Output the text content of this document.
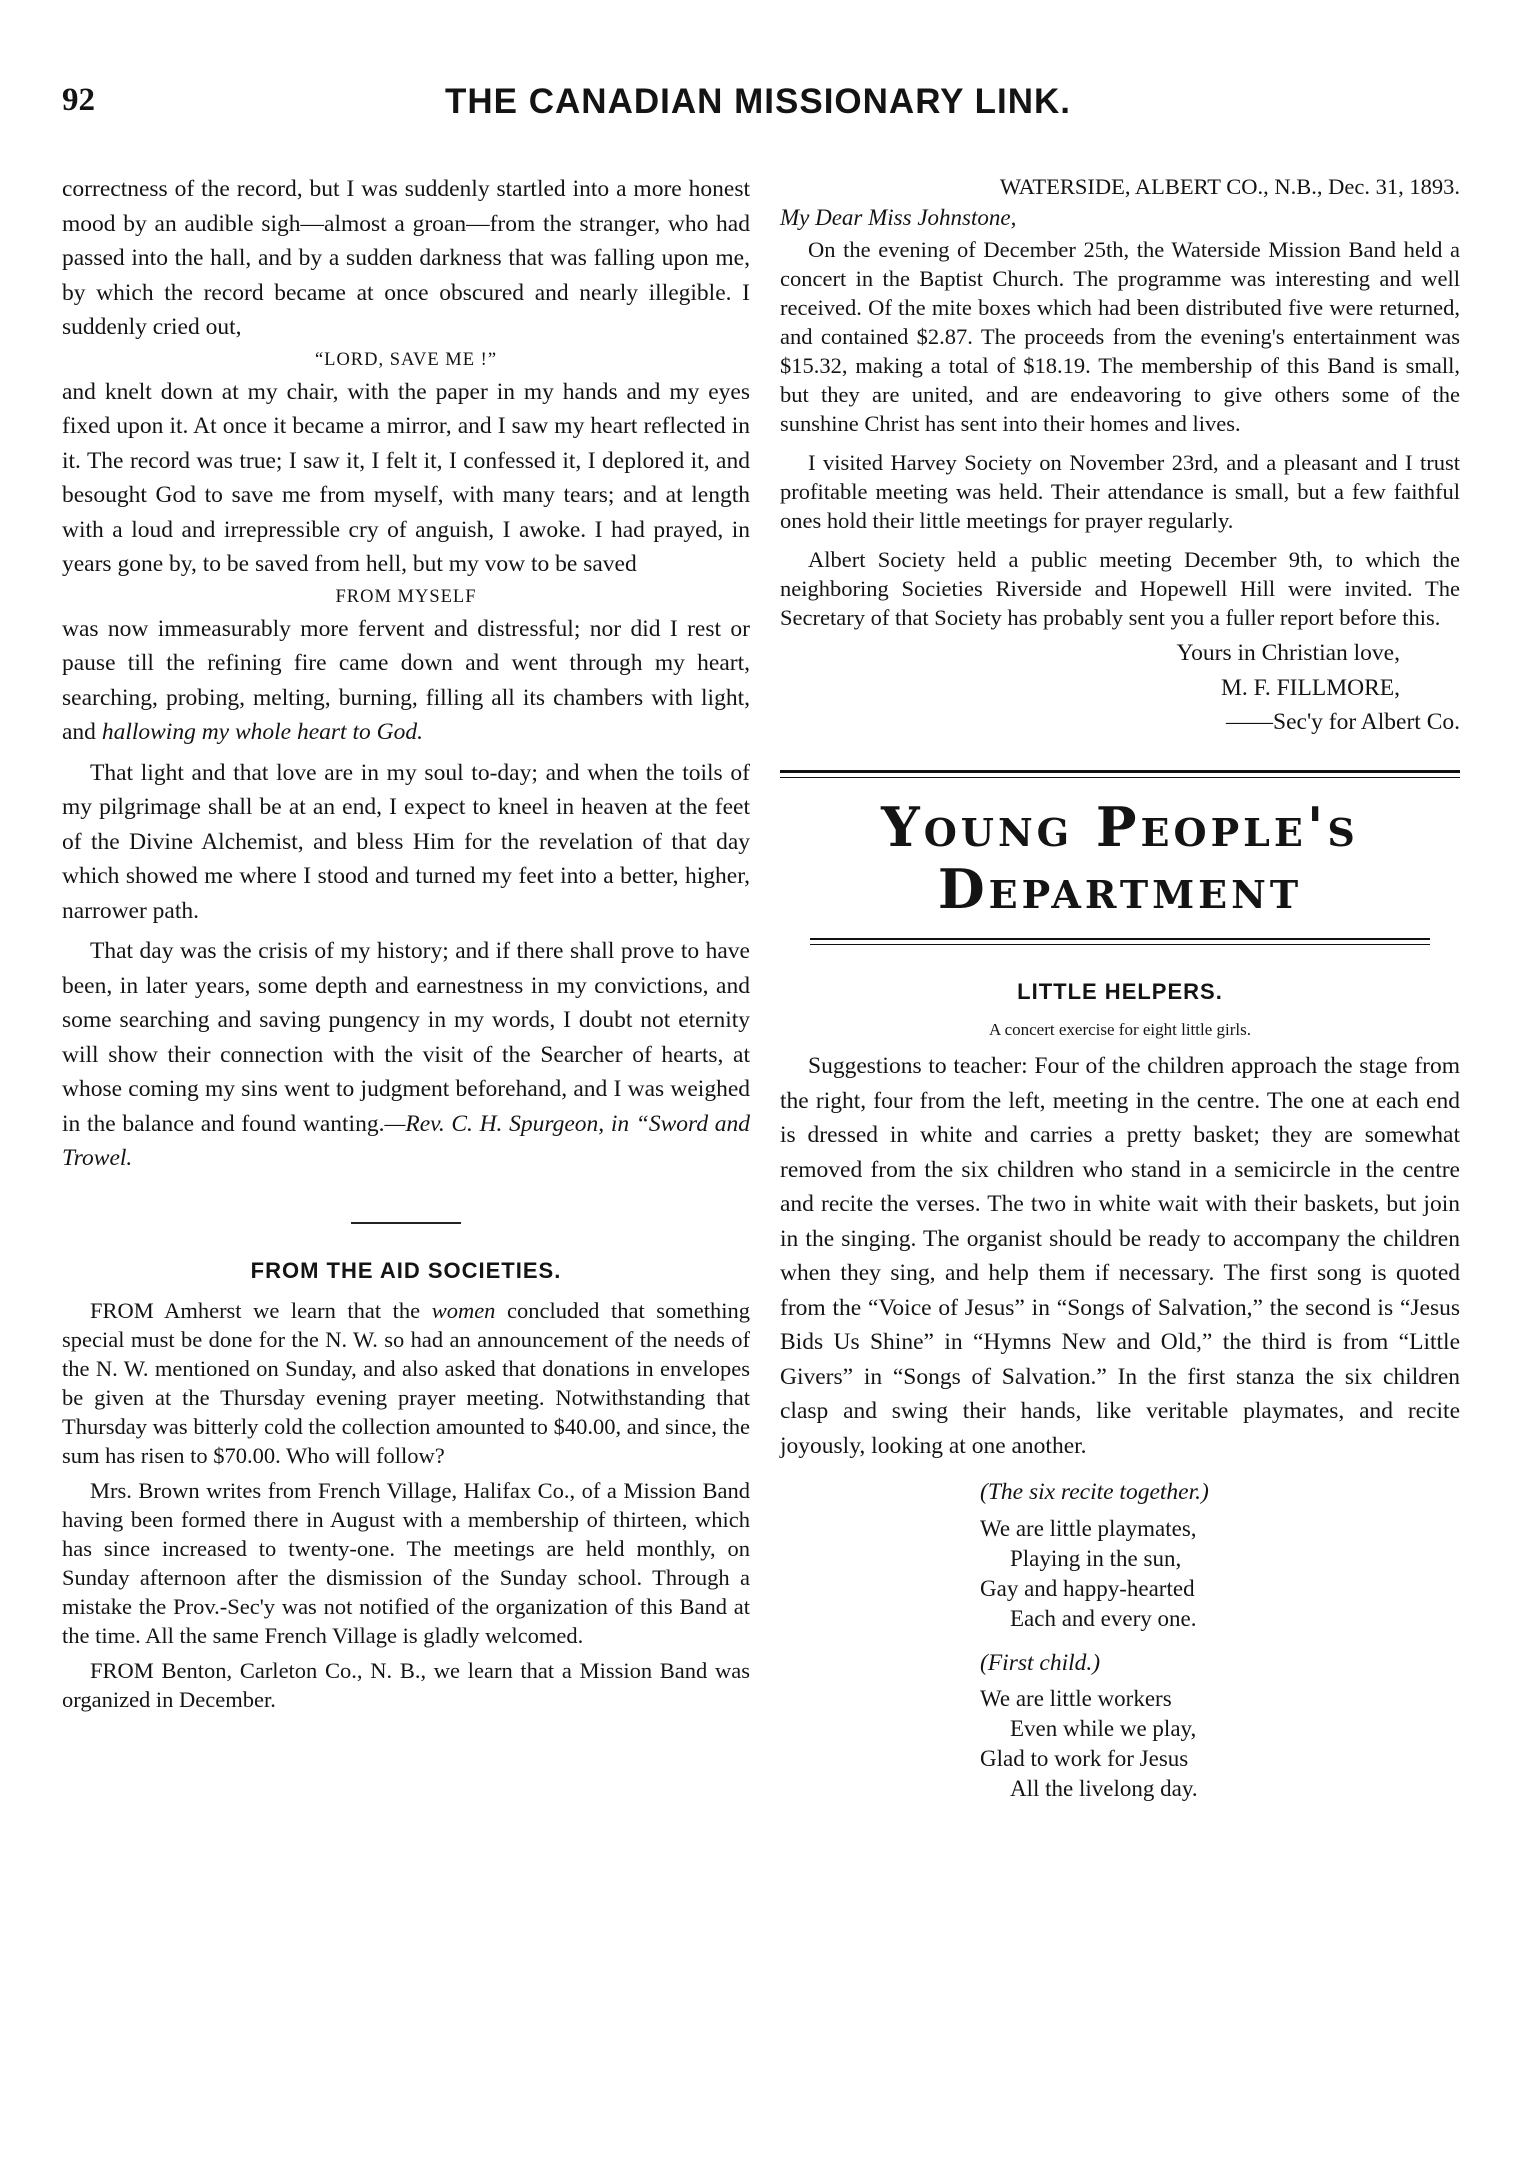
92	THE CANADIAN MISSIONARY LINK.

correctness of the record, but I was suddenly startled into a more honest mood by an audible sigh—almost a groan—from the stranger, who had passed into the hall, and by a sudden darkness that was falling upon me, by which the record became at once obscured and nearly illegible. I suddenly cried out,

“LORD, SAVE ME !”

and knelt down at my chair, with the paper in my hands and my eyes fixed upon it. At once it became a mirror, and I saw my heart reflected in it. The record was true; I saw it, I felt it, I confessed it, I deplored it, and besought God to save me from myself, with many tears; and at length with a loud and irrepressible cry of anguish, I awoke. I had prayed, in years gone by, to be saved from hell, but my vow to be saved

FROM MYSELF

was now immeasurably more fervent and distressful; nor did I rest or pause till the refining fire came down and went through my heart, searching, probing, melting, burning, filling all its chambers with light, and hallowing my whole heart to God.

That light and that love are in my soul to-day; and when the toils of my pilgrimage shall be at an end, I expect to kneel in heaven at the feet of the Divine Alchemist, and bless Him for the revelation of that day which showed me where I stood and turned my feet into a better, higher, narrower path.

That day was the crisis of my history; and if there shall prove to have been, in later years, some depth and earnestness in my convictions, and some searching and saving pungency in my words, I doubt not eternity will show their connection with the visit of the Searcher of hearts, at whose coming my sins went to judgment beforehand, and I was weighed in the balance and found wanting.—Rev. C. H. Spurgeon, in “Sword and Trowel.

FROM THE AID SOCIETIES.

FROM Amherst we learn that the women concluded that something special must be done for the N. W. so had an announcement of the needs of the N. W. mentioned on Sunday, and also asked that donations in envelopes be given at the Thursday evening prayer meeting. Notwithstanding that Thursday was bitterly cold the collection amounted to $40.00, and since, the sum has risen to $70.00. Who will follow?

Mrs. Brown writes from French Village, Halifax Co., of a Mission Band having been formed there in August with a membership of thirteen, which has since increased to twenty-one. The meetings are held monthly, on Sunday afternoon after the dismission of the Sunday school. Through a mistake the Prov.-Sec'y was not notified of the organization of this Band at the time. All the same French Village is gladly welcomed.

FROM Benton, Carleton Co., N. B., we learn that a Mission Band was organized in December.

WATERSIDE, ALBERT CO., N.B., Dec. 31, 1893.

My Dear Miss Johnstone,

On the evening of December 25th, the Waterside Mission Band held a concert in the Baptist Church. The programme was interesting and well received. Of the mite boxes which had been distributed five were returned, and contained $2.87. The proceeds from the evening's entertainment was $15.32, making a total of $18.19. The membership of this Band is small, but they are united, and are endeavoring to give others some of the sunshine Christ has sent into their homes and lives.

I visited Harvey Society on November 23rd, and a pleasant and I trust profitable meeting was held. Their attendance is small, but a few faithful ones hold their little meetings for prayer regularly.

Albert Society held a public meeting December 9th, to which the neighboring Societies Riverside and Hopewell Hill were invited. The Secretary of that Society has probably sent you a fuller report before this.

Yours in Christian love,

M. F. FILLMORE,

——Sec'y for Albert Co.

Young People's Department
LITTLE HELPERS.

A concert exercise for eight little girls.

Suggestions to teacher: Four of the children approach the stage from the right, four from the left, meeting in the centre. The one at each end is dressed in white and carries a pretty basket; they are somewhat removed from the six children who stand in a semicircle in the centre and recite the verses. The two in white wait with their baskets, but join in the singing. The organist should be ready to accompany the children when they sing, and help them if necessary. The first song is quoted from the “Voice of Jesus” in “Songs of Salvation,” the second is “Jesus Bids Us Shine” in “Hymns New and Old,” the third is from “Little Givers” in “Songs of Salvation.” In the first stanza the six children clasp and swing their hands, like veritable playmates, and recite joyously, looking at one another.

(The six recite together.)

We are little playmates,
Playing in the sun,
Gay and happy-hearted
Each and every one.

(First child.)

We are little workers
Even while we play,
Glad to work for Jesus
All the livelong day.
